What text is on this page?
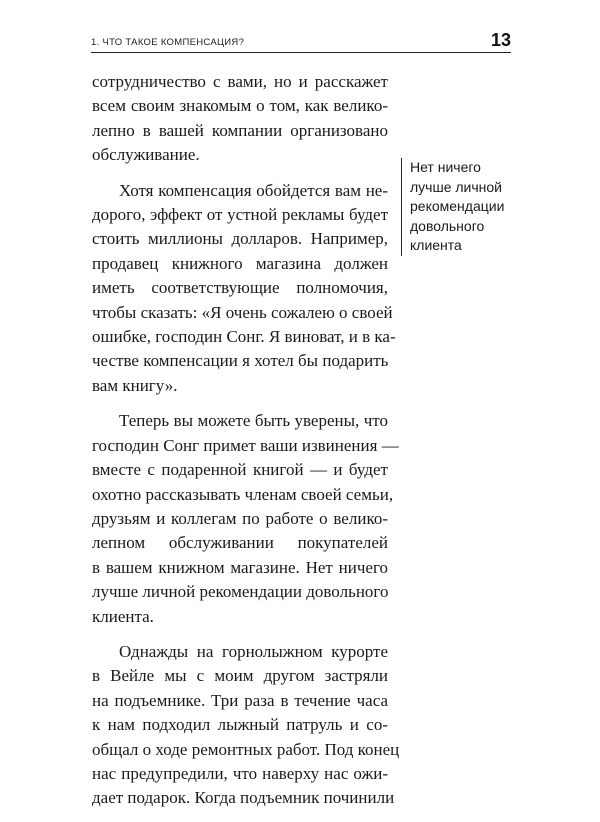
1. ЧТО ТАКОЕ КОМПЕНСАЦИЯ?	13

сотрудничество с вами, но и расскажет
всем своим знакомым о том, как велико-
лепно в вашей компании организовано
обслуживание.

Хотя компенсация обойдется вам не-
дорого, эффект от устной рекламы будет
стоить миллионы долларов. Например,
продавец книжного магазина должен
иметь соответствующие полномочия,
чтобы сказать: «Я очень сожалею о своей
ошибке, господин Сонг. Я виноват, и в ка-
честве компенсации я хотел бы подарить
вам книгу».

Теперь вы можете быть уверены, что
господин Сонг примет ваши извинения —
вместе с подаренной книгой — и будет
охотно рассказывать членам своей семьи,
друзьям и коллегам по работе о велико-
лепном обслуживании покупателей
в вашем книжном магазине. Нет ничего
лучше личной рекомендации довольного
клиента.

Однажды на горнолыжном курорте
в Вейле мы с моим другом застряли
на подъемнике. Три раза в течение часа
к нам подходил лыжный патруль и со-
общал о ходе ремонтных работ. Под конец
нас предупредили, что наверху нас ожи-
дает подарок. Когда подъемник починили

Нет ничего
лучше личной
рекомендации
довольного
клиента
